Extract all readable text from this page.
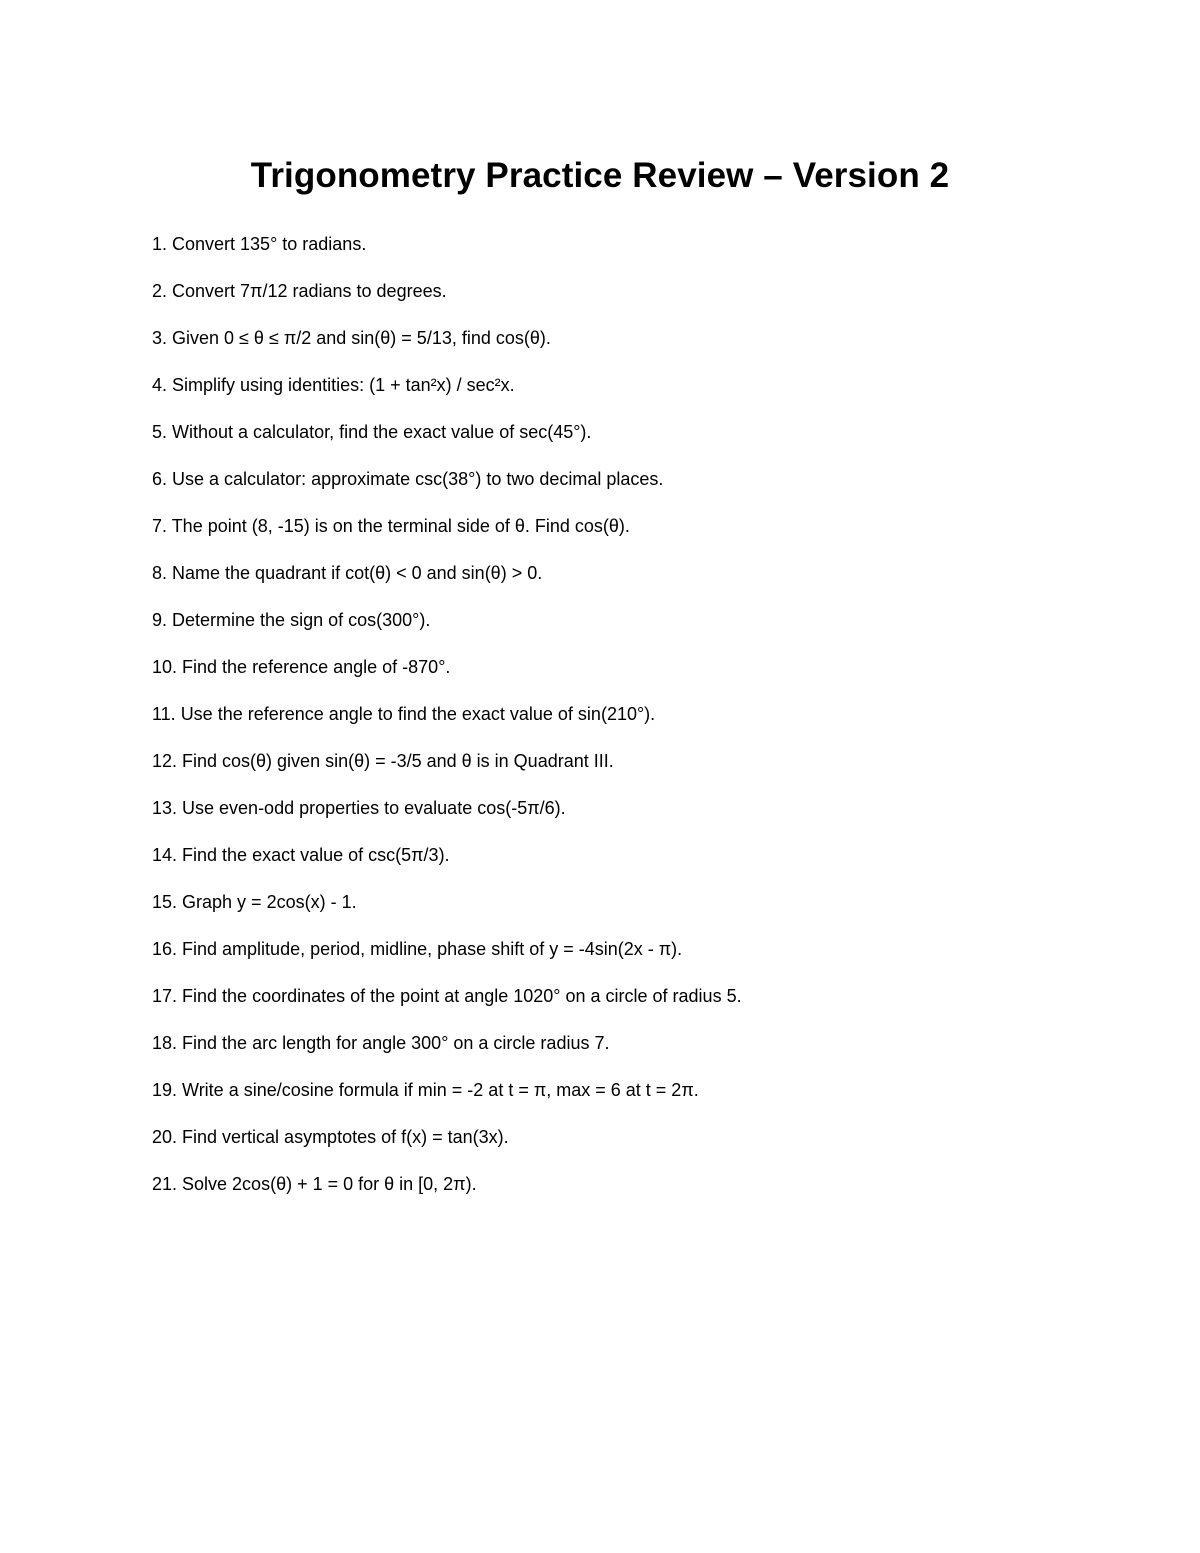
Trigonometry Practice Review – Version 2
1. Convert 135° to radians.
2. Convert 7π/12 radians to degrees.
3. Given 0 ≤ θ ≤ π/2 and sin(θ) = 5/13, find cos(θ).
4. Simplify using identities: (1 + tan²x) / sec²x.
5. Without a calculator, find the exact value of sec(45°).
6. Use a calculator: approximate csc(38°) to two decimal places.
7. The point (8, -15) is on the terminal side of θ. Find cos(θ).
8. Name the quadrant if cot(θ) < 0 and sin(θ) > 0.
9. Determine the sign of cos(300°).
10. Find the reference angle of -870°.
11. Use the reference angle to find the exact value of sin(210°).
12. Find cos(θ) given sin(θ) = -3/5 and θ is in Quadrant III.
13. Use even-odd properties to evaluate cos(-5π/6).
14. Find the exact value of csc(5π/3).
15. Graph y = 2cos(x) - 1.
16. Find amplitude, period, midline, phase shift of y = -4sin(2x - π).
17. Find the coordinates of the point at angle 1020° on a circle of radius 5.
18. Find the arc length for angle 300° on a circle radius 7.
19. Write a sine/cosine formula if min = -2 at t = π, max = 6 at t = 2π.
20. Find vertical asymptotes of f(x) = tan(3x).
21. Solve 2cos(θ) + 1 = 0 for θ in [0, 2π).
